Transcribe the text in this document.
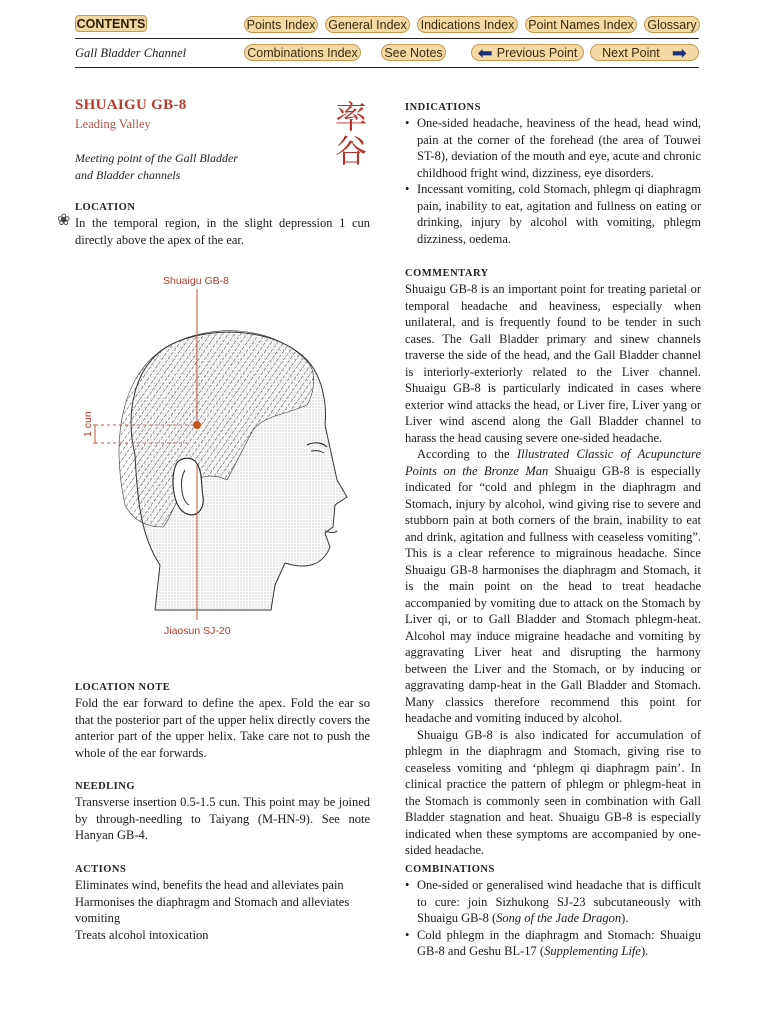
CONTENTS	Points Index General Index Indications Index Point Names Index Glossary
Gall Bladder Channel	Combinations Index See Notes ⬅ Previous Point Next Point ➡
SHUAIGU GB-8
Leading Valley	率谷
Meeting point of the Gall Bladder
and Bladder channels
LOCATION
❀ In the temporal region, in the slight depression 1 cun directly above the apex of the ear.
1 cun
Shuaigu GB-8
Jiaosun SJ-20
LOCATION NOTE
Fold the ear forward to define the apex. Fold the ear so that the posterior part of the upper helix directly covers the anterior part of the upper helix. Take care not to push the whole of the ear forwards.
NEEDLING
Transverse insertion 0.5-1.5 cun. This point may be joined by through-needling to Taiyang (M-HN-9). See note Hanyan GB-4.
ACTIONS

Eliminates wind, benefits the head and alleviates pain

Harmonises the diaphragm and Stomach and alleviates vomiting

Treats alcohol intoxication

INDICATIONS

• One-sided headache, heaviness of the head, head wind, pain at the corner of the forehead (the area of Touwei ST-8), deviation of the mouth and eye, acute and chronic childhood fright wind, dizziness, eye disorders.

• Incessant vomiting, cold Stomach, phlegm qi diaphragm pain, inability to eat, agitation and fullness on eating or drinking, injury by alcohol with vomiting, phlegm dizziness, oedema.

COMMENTARY

Shuaigu GB-8 is an important point for treating parietal or temporal headache and heaviness, especially when unilateral, and is frequently found to be tender in such cases. The Gall Bladder primary and sinew channels traverse the side of the head, and the Gall Bladder channel is interiorly-exteriorly related to the Liver channel. Shuaigu GB-8 is particularly indicated in cases where exterior wind attacks the head, or Liver fire, Liver yang or Liver wind ascend along the Gall Bladder channel to harass the head causing severe one-sided headache.

According to the Illustrated Classic of Acupuncture Points on the Bronze Man Shuaigu GB-8 is especially indicated for “cold and phlegm in the diaphragm and Stomach, injury by alcohol, wind giving rise to severe and stubborn pain at both corners of the brain, inability to eat and drink, agitation and fullness with ceaseless vomiting”. This is a clear reference to migrainous headache. Since Shuaigu GB-8 harmonises the diaphragm and Stomach, it is the main point on the head to treat headache accompanied by vomiting due to attack on the Stomach by Liver qi, or to Gall Bladder and Stomach phlegm-heat. Alcohol may induce migraine headache and vomiting by aggravating Liver heat and disrupting the harmony between the Liver and the Stomach, or by inducing or aggravating damp-heat in the Gall Bladder and Stomach. Many classics therefore recommend this point for headache and vomiting induced by alcohol.

Shuaigu GB-8 is also indicated for accumulation of phlegm in the diaphragm and Stomach, giving rise to ceaseless vomiting and ‘phlegm qi diaphragm pain’. In clinical practice the pattern of phlegm or phlegm-heat in the Stomach is commonly seen in combination with Gall Bladder stagnation and heat. Shuaigu GB-8 is especially indicated when these symptoms are accompanied by one-sided headache.

COMBINATIONS

• One-sided or generalised wind headache that is difficult to cure: join Sizhukong SJ-23 subcutaneously with Shuaigu GB-8 (Song of the Jade Dragon).

• Cold phlegm in the diaphragm and Stomach: Shuaigu GB-8 and Geshu BL-17 (Supplementing Life).
